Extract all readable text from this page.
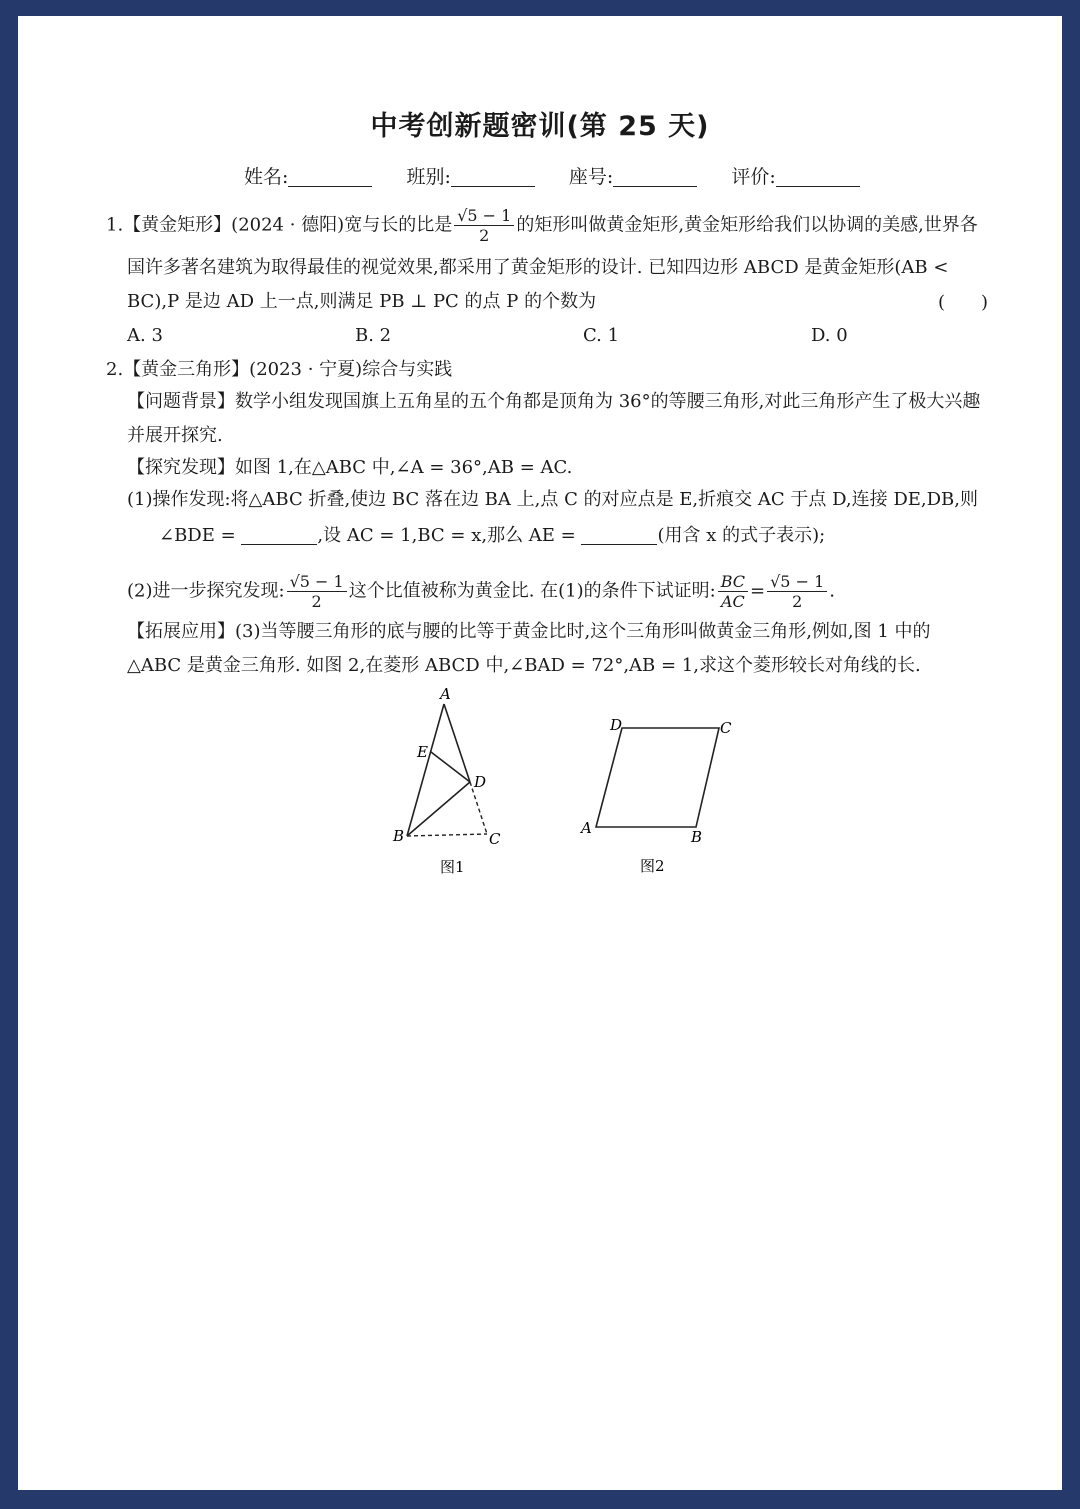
中考创新题密训(第 25 天)
姓名:	班别:	座号:	评价:
1.【黄金矩形】(2024 · 德阳)宽与长的比是 $\frac{√5 - 1}{2}$ 的矩形叫做黄金矩形,黄金矩形给我们以协调的美感,世界各
国许多著名建筑为取得最佳的视觉效果,都采用了黄金矩形的设计. 已知四边形 ABCD 是黄金矩形(AB <
BC),P 是边 AD 上一点,则满足 PB ⊥ PC 的点 P 的个数为	(　　)
A. 3	B. 2	C. 1	D. 0
2.【黄金三角形】(2023 · 宁夏)综合与实践
【问题背景】数学小组发现国旗上五角星的五个角都是顶角为 36°的等腰三角形,对此三角形产生了极大兴趣
并展开探究.
【探究发现】如图 1,在△ABC 中,∠A = 36°,AB = AC.
(1)操作发现:将△ABC 折叠,使边 BC 落在边 BA 上,点 C 的对应点是 E,折痕交 AC 于点 D,连接 DE,DB,则
∠BDE =	,设 AC = 1,BC = x,那么 AE =	(用含 x 的式子表示);
(2)进一步探究发现: $\frac{√5 - 1}{2}$ 这个比值被称为黄金比. 在(1)的条件下试证明: $\frac{BC}{AC} = \frac{√5 - 1}{2}$ .
【拓展应用】(3)当等腰三角形的底与腰的比等于黄金比时,这个三角形叫做黄金三角形,例如,图 1 中的
△ABC 是黄金三角形. 如图 2,在菱形 ABCD 中,∠BAD = 72°,AB = 1,求这个菱形较长对角线的长.
A
E
D
B	C
图1
D	C
A	B
图2
